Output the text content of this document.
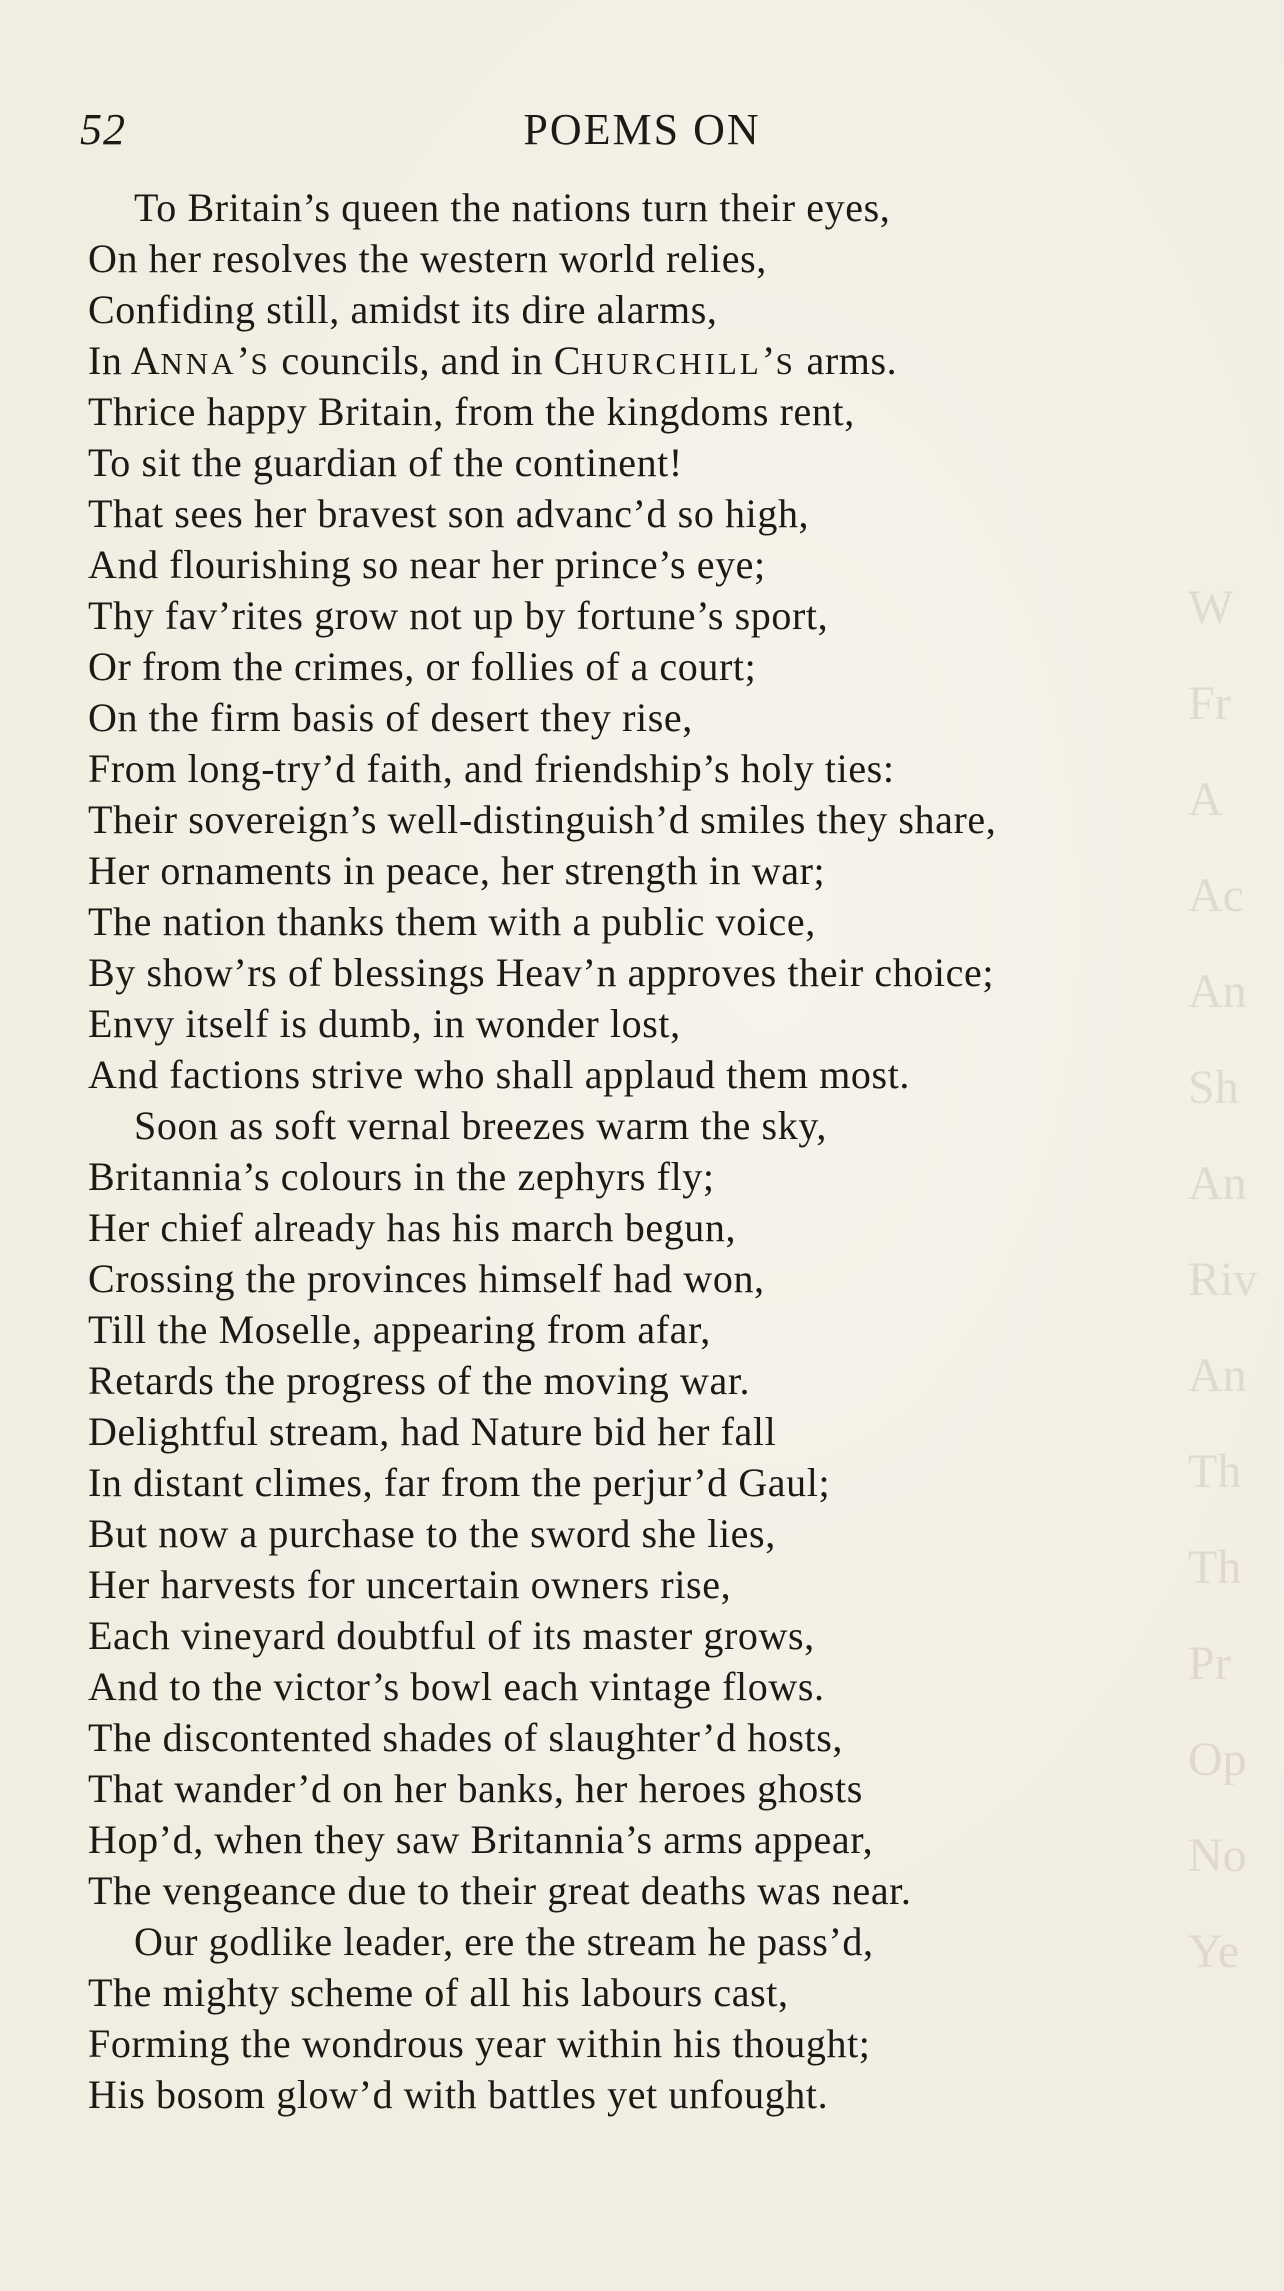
W
Fr
A
Ac
An
Sh
An
Riv
An
Th
Th
Pr
Op
No
Ye
52	POEMS ON
To Britain’s queen the nations turn their eyes,
On her resolves the western world relies,
Confiding still, amidst its dire alarms,
In ANNA’S councils, and in CHURCHILL’S arms.
Thrice happy Britain, from the kingdoms rent,
To sit the guardian of the continent!
That sees her bravest son advanc’d so high,
And flourishing so near her prince’s eye;
Thy fav’rites grow not up by fortune’s sport,
Or from the crimes, or follies of a court;
On the firm basis of desert they rise,
From long-try’d faith, and friendship’s holy ties:
Their sovereign’s well-distinguish’d smiles they share,
Her ornaments in peace, her strength in war;
The nation thanks them with a public voice,
By show’rs of blessings Heav’n approves their choice;
Envy itself is dumb, in wonder lost,
And factions strive who shall applaud them most.
Soon as soft vernal breezes warm the sky,
Britannia’s colours in the zephyrs fly;
Her chief already has his march begun,
Crossing the provinces himself had won,
Till the Moselle, appearing from afar,
Retards the progress of the moving war.
Delightful stream, had Nature bid her fall
In distant climes, far from the perjur’d Gaul;
But now a purchase to the sword she lies,
Her harvests for uncertain owners rise,
Each vineyard doubtful of its master grows,
And to the victor’s bowl each vintage flows.
The discontented shades of slaughter’d hosts,
That wander’d on her banks, her heroes ghosts
Hop’d, when they saw Britannia’s arms appear,
The vengeance due to their great deaths was near.
Our godlike leader, ere the stream he pass’d,
The mighty scheme of all his labours cast,
Forming the wondrous year within his thought;
His bosom glow’d with battles yet unfought.
